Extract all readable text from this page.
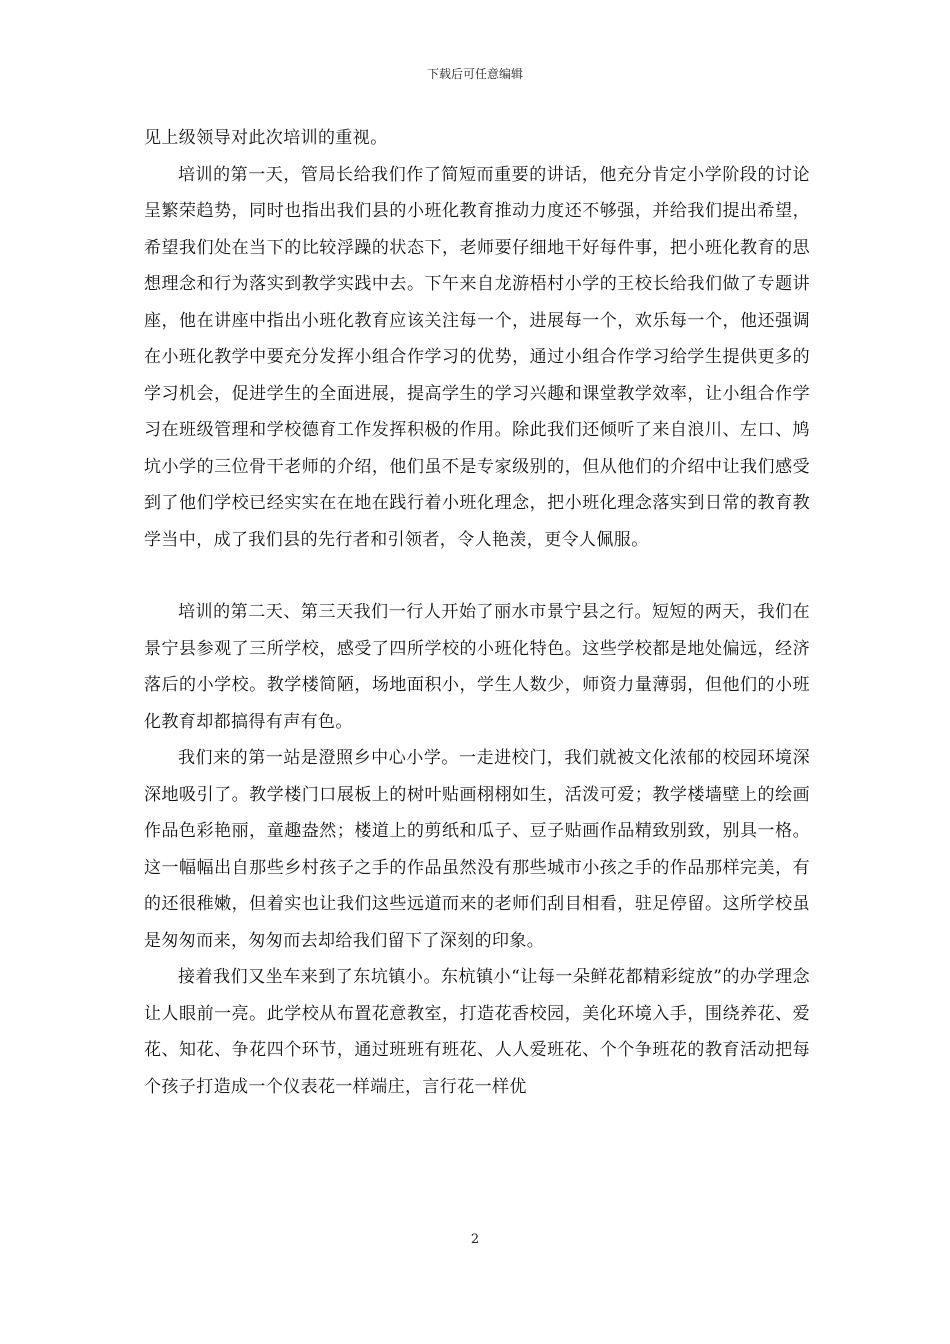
下载后可任意编辑

见上级领导对此次培训的重视。

培训的第一天，管局长给我们作了简短而重要的讲话，他充分肯定小学阶段的讨论呈繁荣趋势，同时也指出我们县的小班化教育推动力度还不够强，并给我们提出希望，希望我们处在当下的比较浮躁的状态下，老师要仔细地干好每件事，把小班化教育的思想理念和行为落实到教学实践中去。下午来自龙游梧村小学的王校长给我们做了专题讲座，他在讲座中指出小班化教育应该关注每一个，进展每一个，欢乐每一个，他还强调在小班化教学中要充分发挥小组合作学习的优势，通过小组合作学习给学生提供更多的学习机会，促进学生的全面进展，提高学生的学习兴趣和课堂教学效率，让小组合作学习在班级管理和学校德育工作发挥积极的作用。除此我们还倾听了来自浪川、左口、鸠坑小学的三位骨干老师的介绍，他们虽不是专家级别的，但从他们的介绍中让我们感受到了他们学校已经实实在在地在践行着小班化理念，把小班化理念落实到日常的教育教学当中，成了我们县的先行者和引领者，令人艳羡，更令人佩服。

培训的第二天、第三天我们一行人开始了丽水市景宁县之行。短短的两天，我们在景宁县参观了三所学校，感受了四所学校的小班化特色。这些学校都是地处偏远，经济落后的小学校。教学楼简陋，场地面积小，学生人数少，师资力量薄弱，但他们的小班化教育却都搞得有声有色。

我们来的第一站是澄照乡中心小学。一走进校门，我们就被文化浓郁的校园环境深深地吸引了。教学楼门口展板上的树叶贴画栩栩如生，活泼可爱；教学楼墙壁上的绘画作品色彩艳丽，童趣盎然；楼道上的剪纸和瓜子、豆子贴画作品精致别致，别具一格。这一幅幅出自那些乡村孩子之手的作品虽然没有那些城市小孩之手的作品那样完美，有的还很稚嫩，但着实也让我们这些远道而来的老师们刮目相看，驻足停留。这所学校虽是匆匆而来，匆匆而去却给我们留下了深刻的印象。

接着我们又坐车来到了东坑镇小。东杭镇小“让每一朵鲜花都精彩绽放”的办学理念让人眼前一亮。此学校从布置花意教室，打造花香校园，美化环境入手，围绕养花、爱花、知花、争花四个环节，通过班班有班花、人人爱班花、个个争班花的教育活动把每个孩子打造成一个仪表花一样端庄，言行花一样优

2
